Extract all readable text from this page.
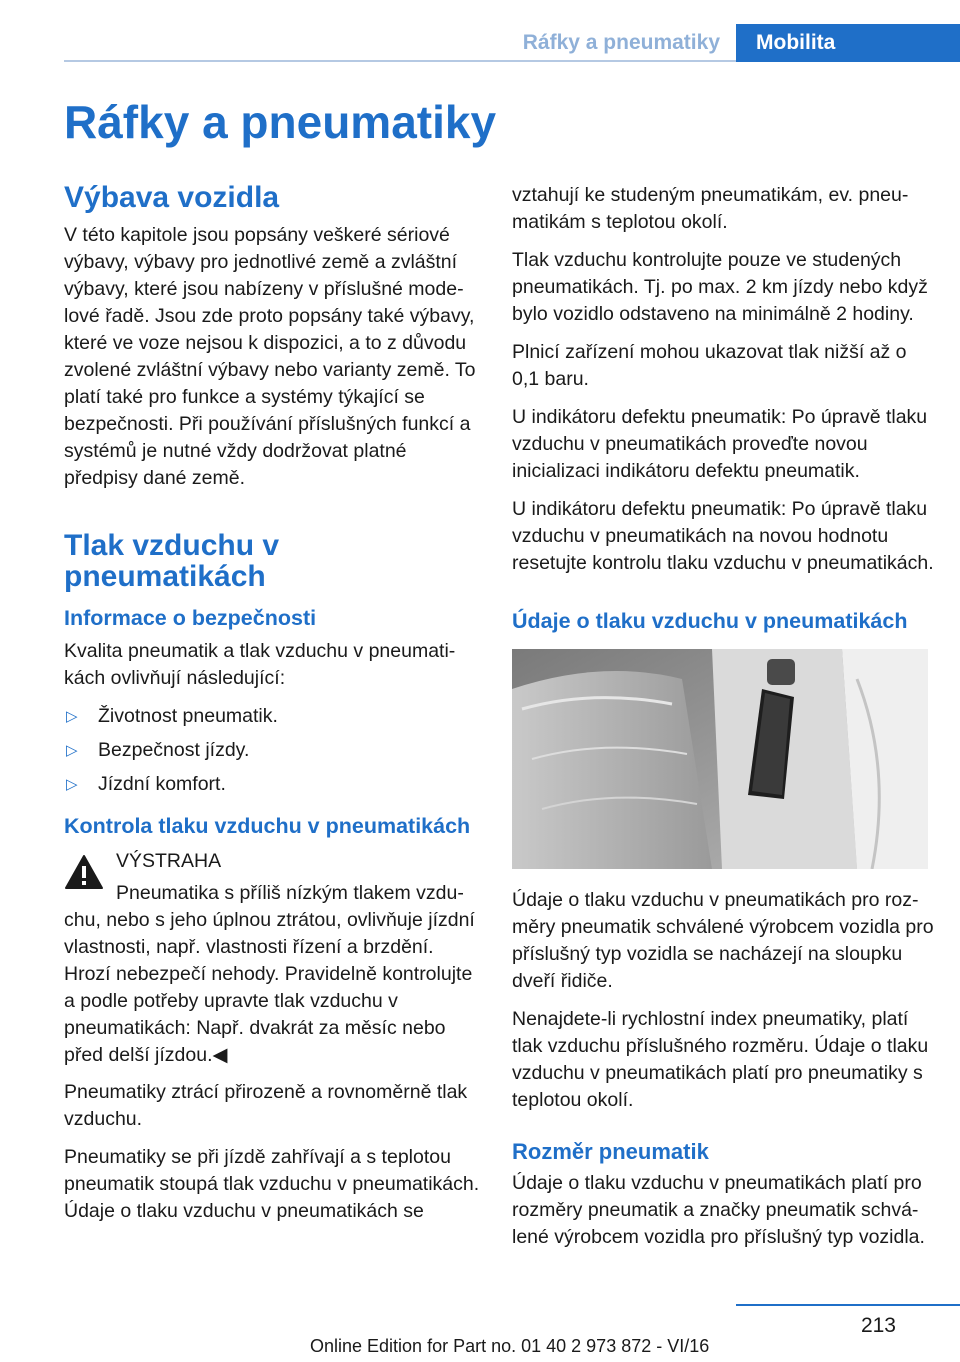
Ráfky a pneumatiky	Mobilita
Ráfky a pneumatiky
Výbava vozidla

V této kapitole jsou popsány veškeré sériové výbavy, výbavy pro jednotlivé země a zvláštní výbavy, které jsou nabízeny v příslušné modelové řadě. Jsou zde proto popsány také výbavy, které ve voze nejsou k dispozici, a to z důvodu zvolené zvláštní výbavy nebo varianty země. To platí také pro funkce a systémy týkající se bezpečnosti. Při používání příslušných funkcí a systémů je nutné vždy dodržovat platné předpisy dané země.

Tlak vzduchu v pneumatikách
Informace o bezpečnosti

Kvalita pneumatik a tlak vzduchu v pneumatikách ovlivňují následující:

▷ Životnost pneumatik.
▷ Bezpečnost jízdy.
▷ Jízdní komfort.
Kontrola tlaku vzduchu v pneumatikách
VÝSTRAHA
Pneumatika s příliš nízkým tlakem vzduchu, nebo s jeho úplnou ztrátou, ovlivňuje jízdní vlastnosti, např. vlastnosti řízení a brzdění. Hrozí nebezpečí nehody. Pravidelně kontrolujte a podle potřeby upravte tlak vzduchu v pneumatikách: Např. dvakrát za měsíc nebo před delší jízdou.◀

Pneumatiky ztrácí přirozeně a rovnoměrně tlak vzduchu.

Pneumatiky se při jízdě zahřívají a s teplotou pneumatik stoupá tlak vzduchu v pneumatikách. Údaje o tlaku vzduchu v pneumatikách se

vztahují ke studeným pneumatikám, ev. pneumatikám s teplotou okolí.

Tlak vzduchu kontrolujte pouze ve studených pneumatikách. Tj. po max. 2 km jízdy nebo když bylo vozidlo odstaveno na minimálně 2 hodiny.

Plnicí zařízení mohou ukazovat tlak nižší až o 0,1 baru.

U indikátoru defektu pneumatik: Po úpravě tlaku vzduchu v pneumatikách proveďte novou inicializaci indikátoru defektu pneumatik.

U indikátoru defektu pneumatik: Po úpravě tlaku vzduchu v pneumatikách na novou hodnotu resetujte kontrolu tlaku vzduchu v pneumatikách.

Údaje o tlaku vzduchu v pneumatikách

Údaje o tlaku vzduchu v pneumatikách pro rozměry pneumatik schválené výrobcem vozidla pro příslušný typ vozidla se nacházejí na sloupku dveří řidiče.

Nenajdete-li rychlostní index pneumatiky, platí tlak vzduchu příslušného rozměru. Údaje o tlaku vzduchu v pneumatikách platí pro pneumatiky s teplotou okolí.

Rozměr pneumatik

Údaje o tlaku vzduchu v pneumatikách platí pro rozměry pneumatik a značky pneumatik schválené výrobcem vozidla pro příslušný typ vozidla.

213
Online Edition for Part no. 01 40 2 973 872 - VI/16
